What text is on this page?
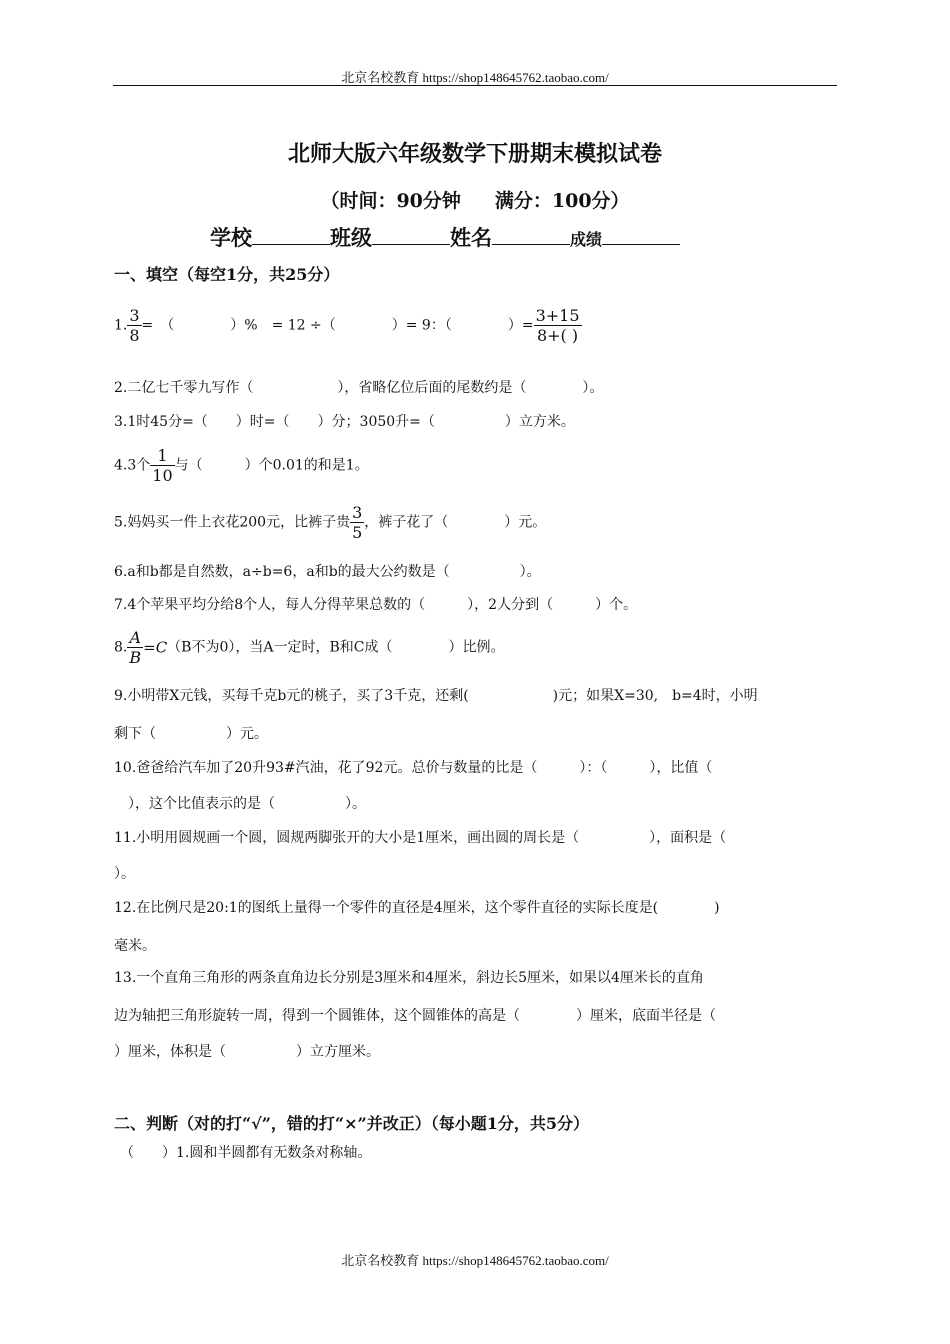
北京名校教育 https://shop148645762.taobao.com/
北师大版六年级数学下册期末模拟试卷
（时间：90分钟 满分：100分）
学校	班级	姓名	成绩
一、填空（每空1分，共25分）
1. $\frac{3}{8}$ =　（　　　　）%　= 12 ÷（　　　　）= 9：（　　　　）= $\frac{3+15}{8+( )}$
2.二亿七千零九写作（　　　　　　），省略亿位后面的尾数约是（　　　　）。
3.1时45分=（　　）时=（　　）分；3050升=（　　　　　）立方米。
4.3个 $\frac{1}{10}$ 与（　　　）个0.01的和是1。
5.妈妈买一件上衣花200元，比裤子贵 $\frac{3}{5}$ ，裤子花了（　　　　）元。
6.a和b都是自然数，a÷b=6，a和b的最大公约数是（　　　　　）。
7.4个苹果平均分给8个人，每人分得苹果总数的（　　　），2人分到（　　　）个。
8. $\frac{A}{B} =C(B$不为0），当A一定时，B和C成（　　　　）比例。
9.小明带X元钱，买每千克b元的桃子，买了3千克，还剩(　　　　　　)元；如果X=30,　b=4时，小明
剩下（　　　　　）元。
10.爸爸给汽车加了20升93#汽油，花了92元。总价与数量的比是（　　　）：（　　　），比值（
　），这个比值表示的是（　　　　　）。
11.小明用圆规画一个圆，圆规两脚张开的大小是1厘米，画出圆的周长是（　　　　　），面积是（
）。
12.在比例尺是20:1的图纸上量得一个零件的直径是4厘米，这个零件直径的实际长度是(　　　　)
毫米。
13.一个直角三角形的两条直角边长分别是3厘米和4厘米，斜边长5厘米，如果以4厘米长的直角
边为轴把三角形旋转一周，得到一个圆锥体，这个圆锥体的高是（　　　　）厘米，底面半径是（
）厘米，体积是（　　　　　）立方厘米。
二、判断（对的打“√”，错的打“×”并改正）（每小题1分，共5分）
（　　）1.圆和半圆都有无数条对称轴。
北京名校教育 https://shop148645762.taobao.com/
